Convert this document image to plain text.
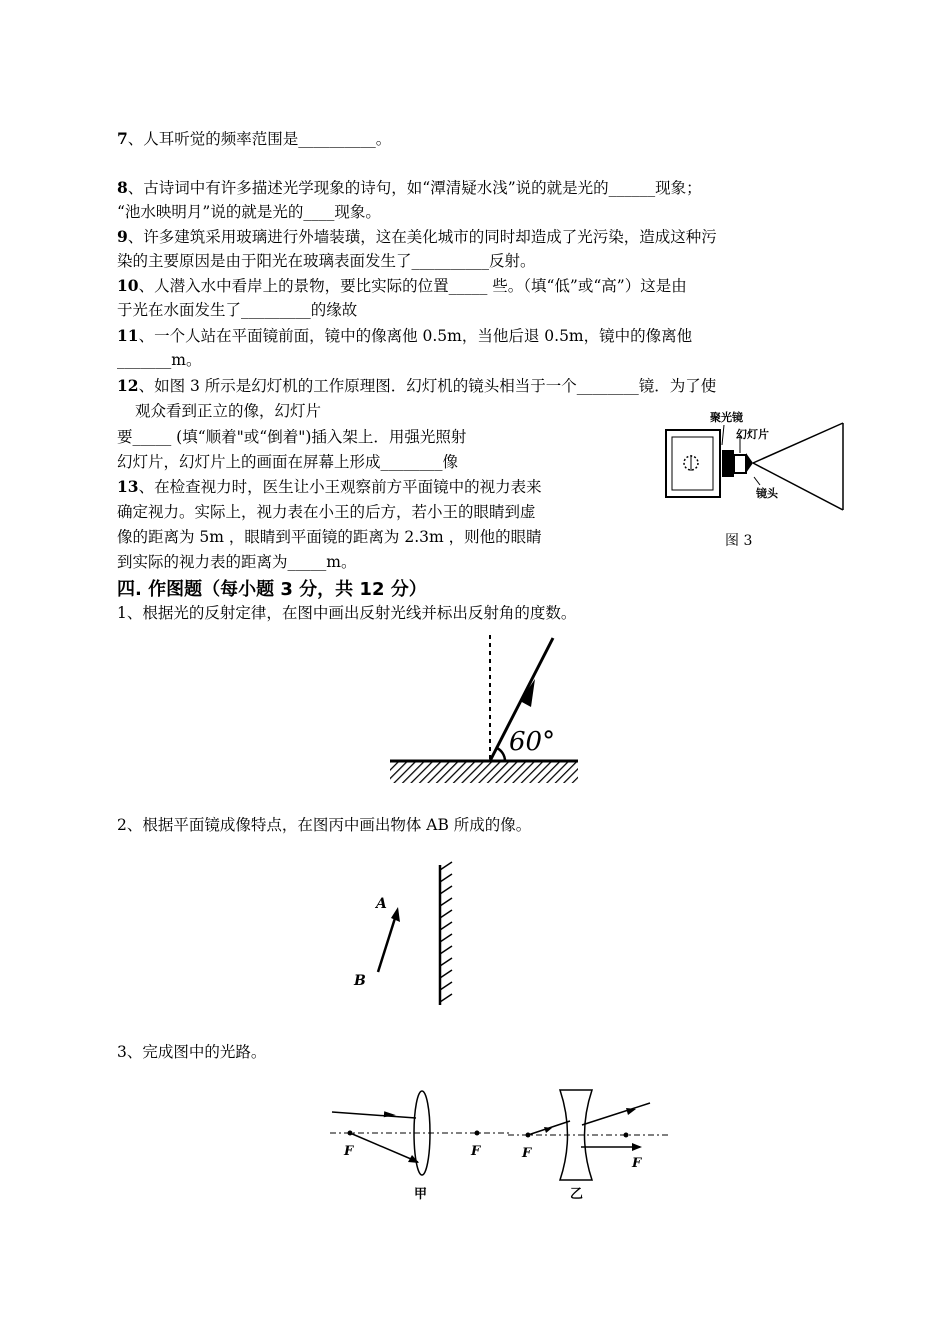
7、人耳听觉的频率范围是__________。
8、古诗词中有许多描述光学现象的诗句，如“潭清疑水浅”说的就是光的______现象；
“池水映明月”说的就是光的____现象。
9、许多建筑采用玻璃进行外墙装璜，这在美化城市的同时却造成了光污染，造成这种污
染的主要原因是由于阳光在玻璃表面发生了__________反射。
10、人潜入水中看岸上的景物，要比实际的位置_____ 些。（填“低”或“高”）这是由
于光在水面发生了_________的缘故
11、一个人站在平面镜前面，镜中的像离他 0.5m，当他后退 0.5m，镜中的像离他
_______m。
12、如图 3 所示是幻灯机的工作原理图．幻灯机的镜头相当于一个________镜．为了使
观众看到正立的像，幻灯片
要_____ (填“顺着"或“倒着")插入架上．用强光照射
幻灯片，幻灯片上的画面在屏幕上形成________像
13、在检查视力时，医生让小王观察前方平面镜中的视力表来
确定视力。实际上，视力表在小王的后方，若小王的眼睛到虚
像的距离为 5m ，眼睛到平面镜的距离为 2.3m ，则他的眼睛
到实际的视力表的距离为_____m。
聚光镜
幻灯片
镜头
图 3
四. 作图题（每小题 3 分，共 12 分）
1、根据光的反射定律，在图中画出反射光线并标出反射角的度数。
60°
2、根据平面镜成像特点，在图丙中画出物体 AB 所成的像。
A
B
3、完成图中的光路。
F	F
甲
F
F
乙
